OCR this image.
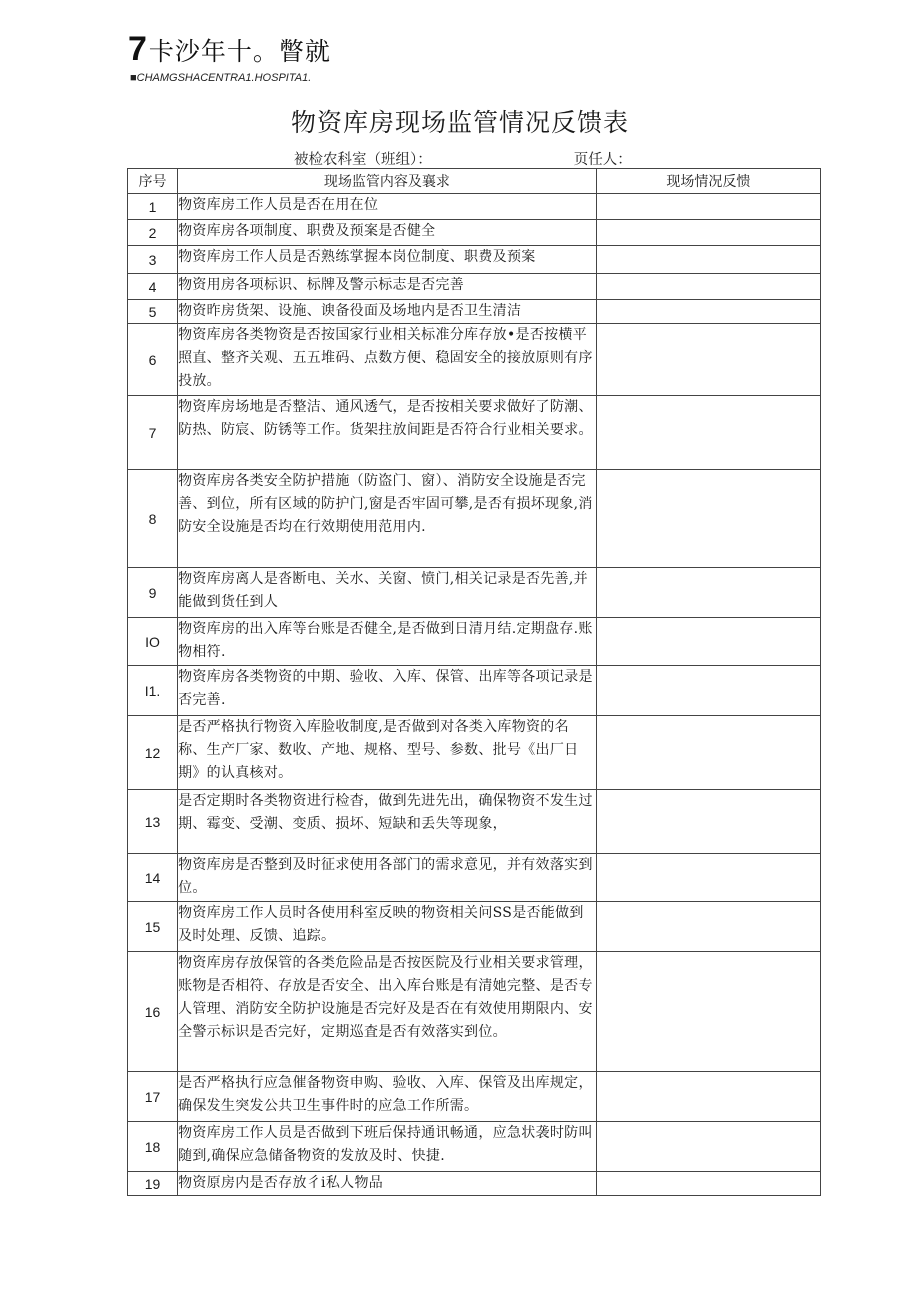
7 卡沙年十。瞥就
■CHAMGSHACENTRA1.HOSPITA1.
物资库房现场监管情况反馈表
被检农科室（班组）：	页任人：
序号	现场监管内容及襄求	现场情况反愦
1	物资库房工作人员是否在用在位	
2	物资库房各项制度、职费及预案是否健全	
3	物资库房工作人员是否熟练掌握本岗位制度、职费及预案	
4	物资用房各项标识、标牌及警示标志是否完善	
5	物资昨房货架、设施、谀备役面及场地内是否卫生清洁	
6	物资库房各类物资是否按国家行业相关标准分库存放•是否按横平照直、整齐关观、五五堆码、点数方便、稳固安全的接放原则有序投放。	
7	物资库房场地是否整洁、通风透气，是否按相关要求做好了防潮、防热、防宸、防锈等工作。货架拄放间距是否符合行业相关要求。	
8	物资库房各类安全防护措施（防盗门、窗）、消防安全设施是否完善、到位，所有区域的防护门,窗是否牢固可攀,是否有损坏现象,消防安全设施是否均在行效期使用范用内.	
9	物资库房离人是沓断电、关水、关窗、愤门,相关记录是否先善,并能做到货任到人	
IO	物资库房的出入库等台账是否健全,是否做到日清月结.定期盘存.账物相符.	
I1.	物资库房各类物资的中期、验收、入库、保管、出库等各项记录是否完善.	
12	是否严格执行物资入库脸收制度,是否做到对各类入库物资的名称、生产厂家、数收、产地、规格、型号、参数、批号《出厂日期》的认真核对。	
13	是否定期时各类物资进行检杳，做到先进先出，确保物资不发生过期、霉变、受潮、变质、损坏、短缺和丢失等现象，	
14	物资库房是否整到及时征求使用各部门的需求意见，并有效落实到位。	
15	物资库房工作人员时各使用科室反映的物资相关问SS是否能做到及时处理、反馈、追踪。	
16	物资库房存放保管的各类危险品是否按医院及行业相关要求管理，账物是否相符、存放是否安全、出入库台账是有清她完整、是否专人管理、消防安全防护设施是否完好及是否在有效使用期限内、安全警示标识是否完好，定期巡査是否有效落实到位。	
17	是否严格执行应急催备物资申购、验收、入库、保管及出库规定，确保发生突发公共卫生事件时的应急工作所需。	
18	物资库房工作人员是否做到下班后保持通讯畅通，应急状袭时防叫随到,确保应急储备物资的发放及时、快捷.	
19	物资原房内是否存放彳i私人物品	
